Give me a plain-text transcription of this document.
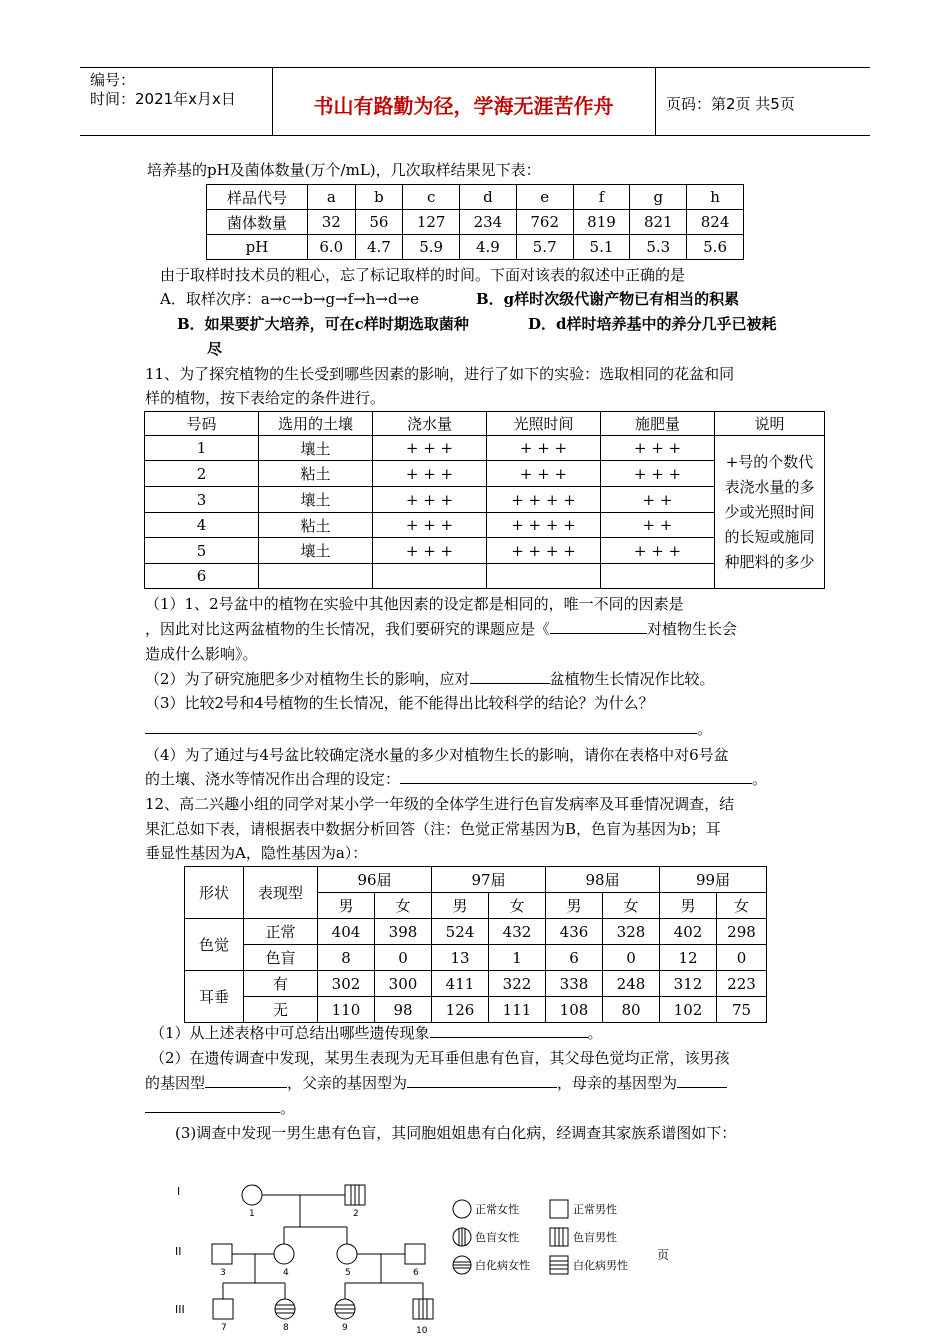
编号：
时间：2021年x月x日	书山有路勤为径，学海无涯苦作舟	页码：第2页 共5页
培养基的pH及菌体数量(万个/mL)，几次取样结果见下表：
样品代号	a	b	c	d	e	f	g	h
菌体数量	32	56	127	234	762	819	821	824
pH	6.0	4.7	5.9	4.9	5.7	5.1	5.3	5.6
由于取样时技术员的粗心，忘了标记取样的时间。下面对该表的叙述中正确的是
A．取样次序：a→c→b→g→f→h→d→e	B．g样时次级代谢产物已有相当的积累
B．如果要扩大培养，可在c样时期选取菌种	D．d样时培养基中的养分几乎已被耗
尽
11、为了探究植物的生长受到哪些因素的影响，进行了如下的实验：选取相同的花盆和同
样的植物，按下表给定的条件进行。
号码	选用的土壤	浇水量	光照时间	施肥量	说明
1	壤土	+ + +	+ + +	+ + +	+号的个数代表浇水量的多少或光照时间的长短或施同种肥料的多少
2	粘土	+ + +	+ + +	+ + +	
3	壤土	+ + +	+ + + +	+ +	
4	粘土	+ + +	+ + + +	+ +	
5	壤土	+ + +	+ + + +	+ + +	
6					
（1）1、2号盆中的植物在实验中其他因素的设定都是相同的，唯一不同的因素是
，因此对比这两盆植物的生长情况，我们要研究的课题应是《	对植物生长会
造成什么影响》。
（2）为了研究施肥多少对植物生长的影响，应对	盆植物生长情况作比较。
（3）比较2号和4号植物的生长情况，能不能得出比较科学的结论？为什么？
。
（4）为了通过与4号盆比较确定浇水量的多少对植物生长的影响，请你在表格中对6号盆
的土壤、浇水等情况作出合理的设定：	。
12、高二兴趣小组的同学对某小学一年级的全体学生进行色盲发病率及耳垂情况调查，结
果汇总如下表，请根据表中数据分析回答（注：色觉正常基因为B，色盲为基因为b；耳
垂显性基因为A，隐性基因为a）：
形状	表现型	96届		97届		98届		99届	
		男	女	男	女	男	女	男	女
色觉	正常	404	398	524	432	436	328	402	298
	色盲	8	0	13	1	6	0	12	0
耳垂	有	302	300	411	322	338	248	312	223
	无	110	98	126	111	108	80	102	75
（1）从上述表格中可总结出哪些遗传现象	。
（2）在遗传调查中发现，某男生表现为无耳垂但患有色盲，其父母色觉均正常，该男孩
的基因型	，父亲的基因型为	，母亲的基因型为
。
(3)调查中发现一男生患有色盲，其同胞姐姐患有白化病，经调查其家族系谱图如下：
I
II
III
1	2
3	4	5	6
7	8	9	10
正常女性	正常男性
色盲女性	色盲男性
白化病女性	白化病男性
页
